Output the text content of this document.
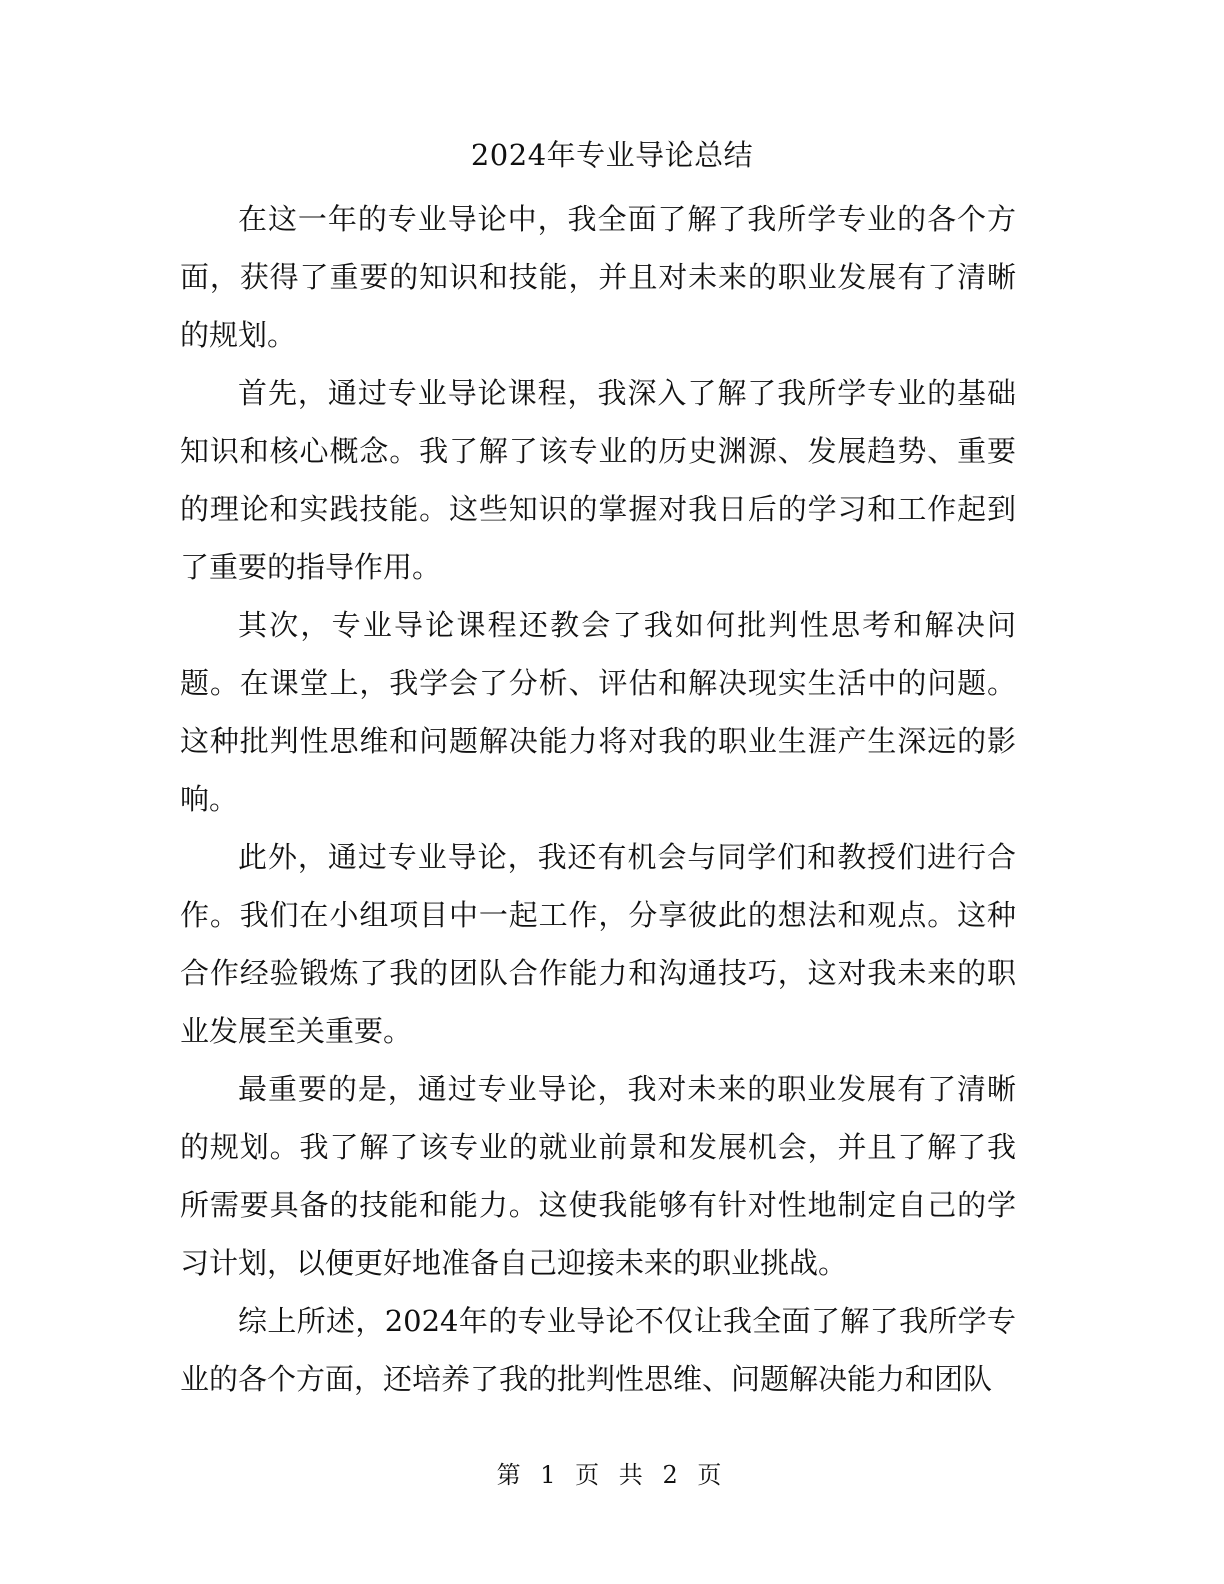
2024年专业导论总结

在这一年的专业导论中，我全面了解了我所学专业的各个方面，获得了重要的知识和技能，并且对未来的职业发展有了清晰的规划。

首先，通过专业导论课程，我深入了解了我所学专业的基础知识和核心概念。我了解了该专业的历史渊源、发展趋势、重要的理论和实践技能。这些知识的掌握对我日后的学习和工作起到了重要的指导作用。

其次，专业导论课程还教会了我如何批判性思考和解决问题。在课堂上，我学会了分析、评估和解决现实生活中的问题。这种批判性思维和问题解决能力将对我的职业生涯产生深远的影响。

此外，通过专业导论，我还有机会与同学们和教授们进行合作。我们在小组项目中一起工作，分享彼此的想法和观点。这种合作经验锻炼了我的团队合作能力和沟通技巧，这对我未来的职业发展至关重要。

最重要的是，通过专业导论，我对未来的职业发展有了清晰的规划。我了解了该专业的就业前景和发展机会，并且了解了我所需要具备的技能和能力。这使我能够有针对性地制定自己的学习计划，以便更好地准备自己迎接未来的职业挑战。

综上所述，2024年的专业导论不仅让我全面了解了我所学专业的各个方面，还培养了我的批判性思维、问题解决能力和团队

第 1 页 共 2 页
